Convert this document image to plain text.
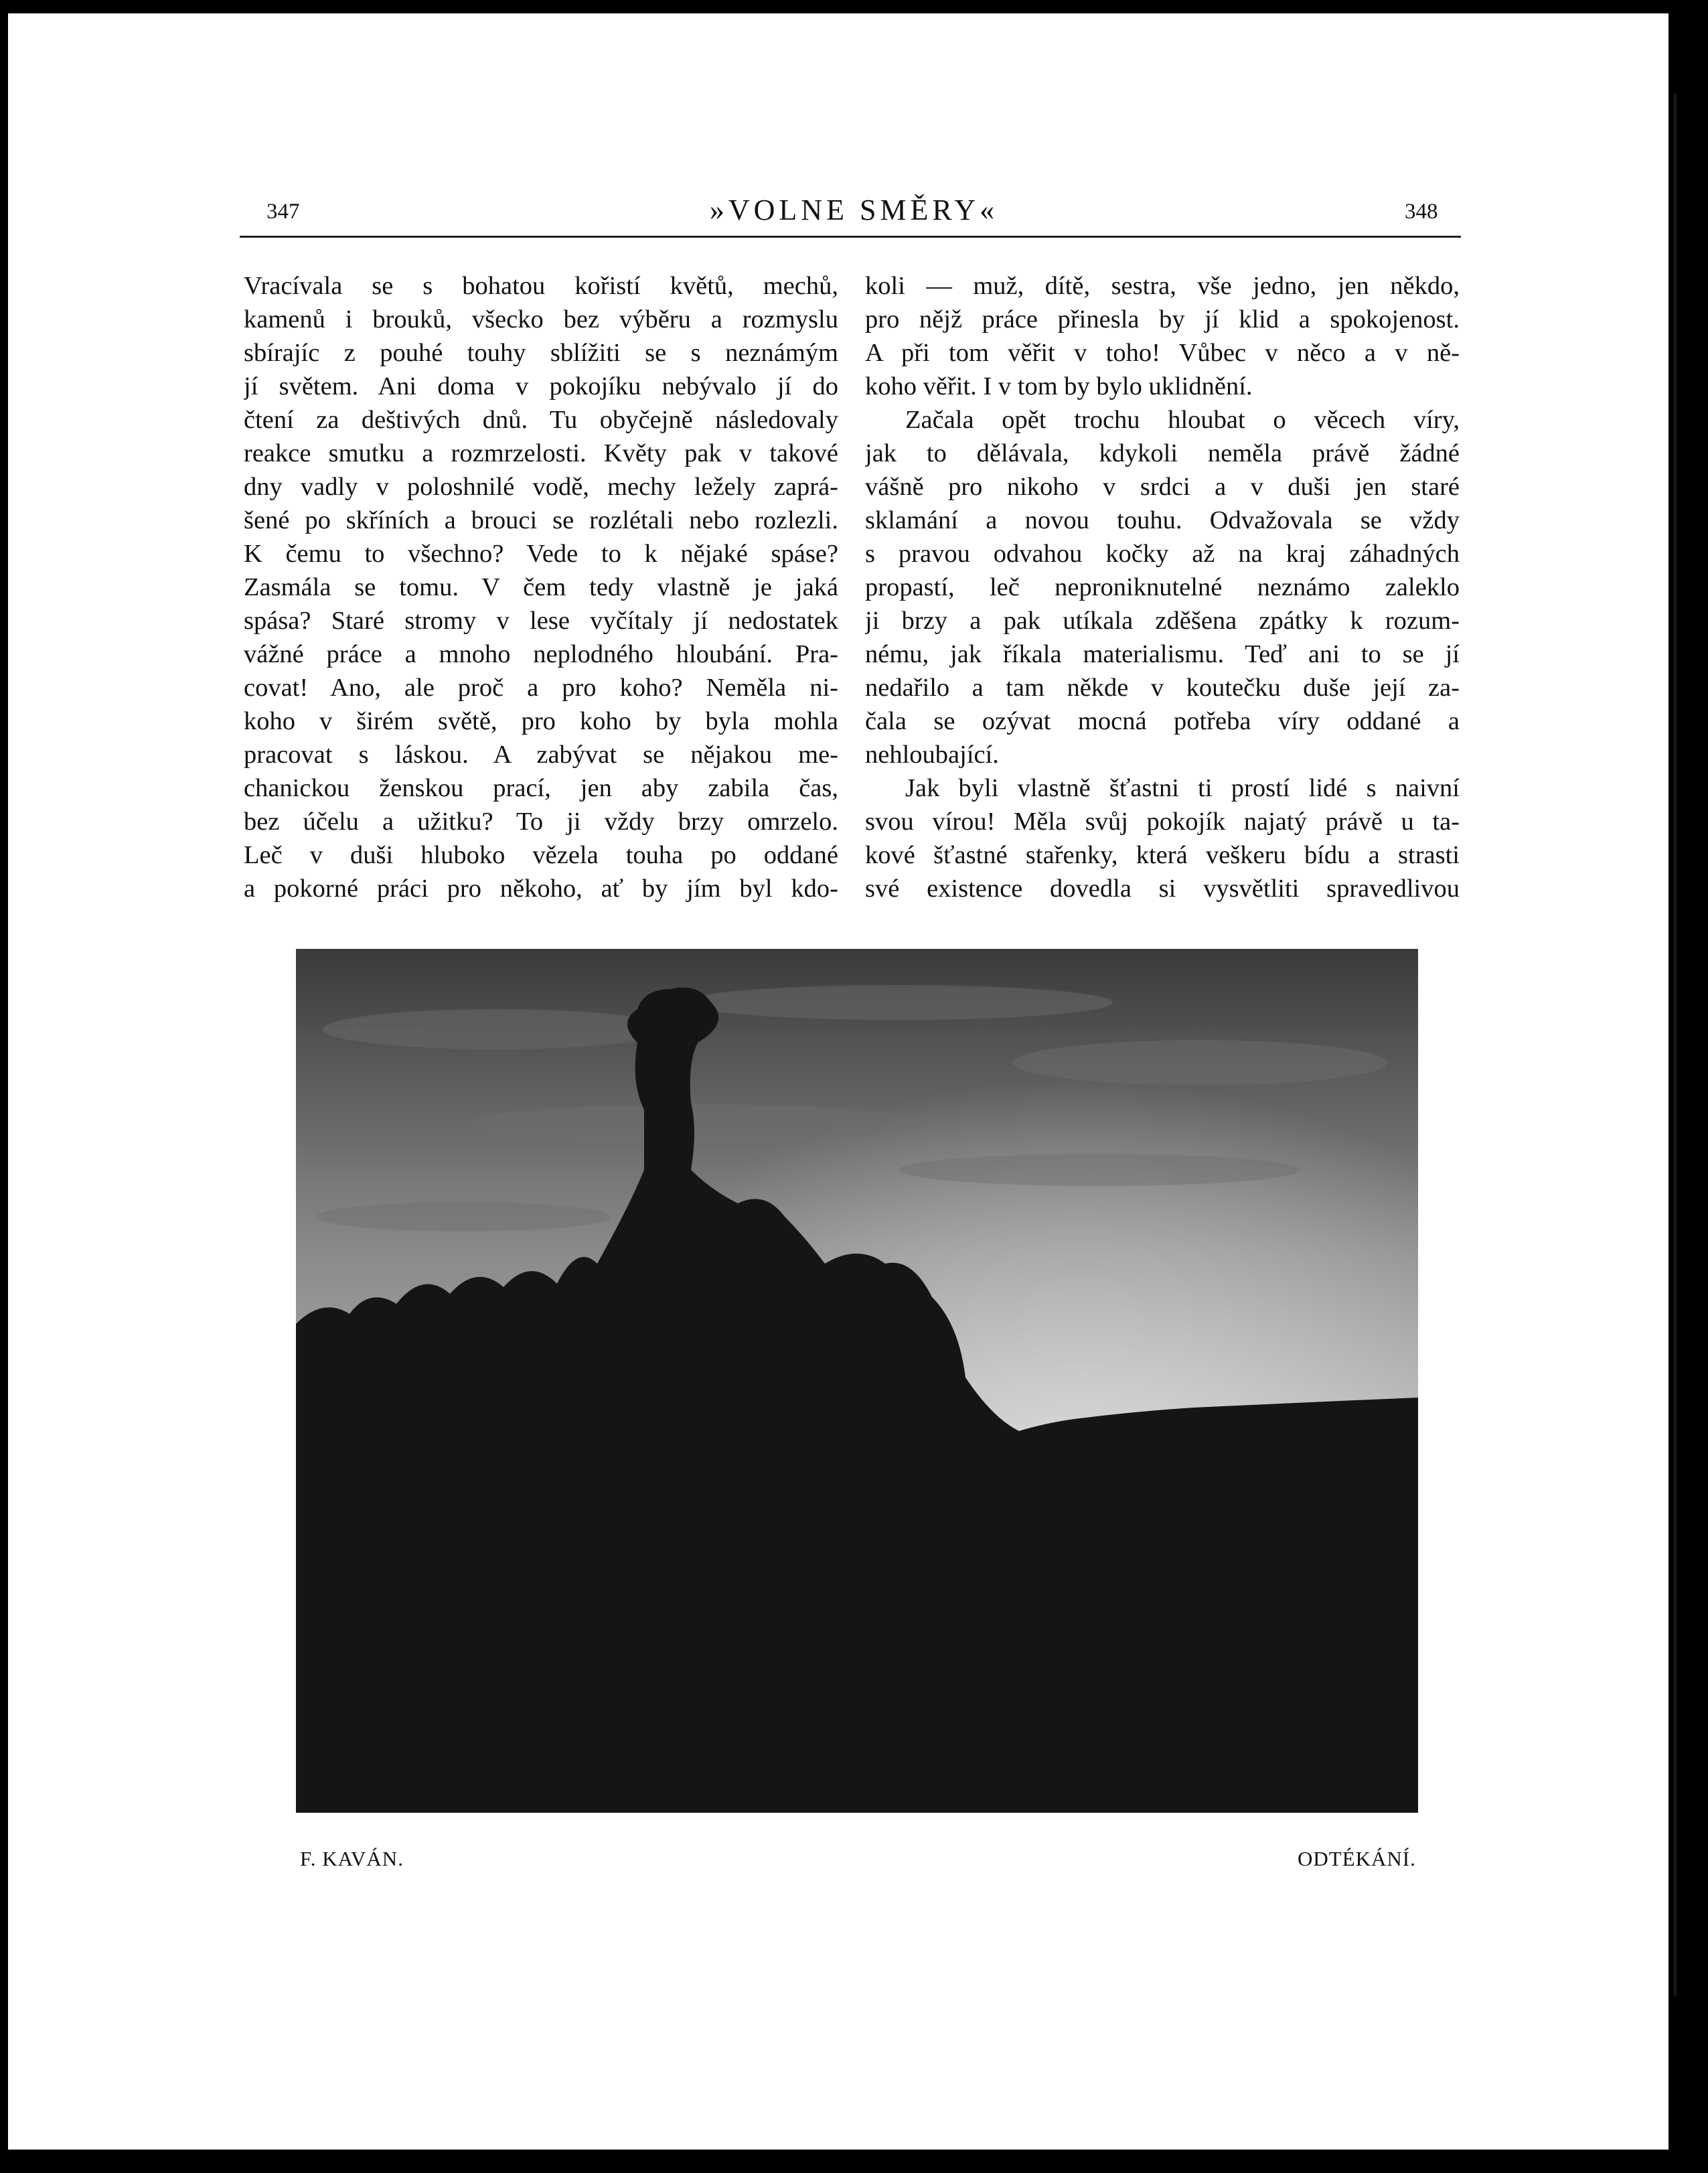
347	»VOLNE SMĚRY«	348
Vracívala se s bohatou kořistí květů, mechů,
kamenů i brouků, všecko bez výběru a rozmyslu
sbírajíc z pouhé touhy sblížiti se s neznámým
jí světem. Ani doma v pokojíku nebývalo jí do
čtení za deštivých dnů. Tu obyčejně následovaly
reakce smutku a rozmrzelosti. Květy pak v takové
dny vadly v poloshnilé vodě, mechy ležely zaprá-
šené po skříních a brouci se rozlétali nebo rozlezli.
K čemu to všechno? Vede to k nějaké spáse?
Zasmála se tomu. V čem tedy vlastně je jaká
spása? Staré stromy v lese vyčítaly jí nedostatek
vážné práce a mnoho neplodného hloubání. Pra-
covat! Ano, ale proč a pro koho? Neměla ni-
koho v širém světě, pro koho by byla mohla
pracovat s láskou. A zabývat se nějakou me-
chanickou ženskou prací, jen aby zabila čas,
bez účelu a užitku? To ji vždy brzy omrzelo.
Leč v duši hluboko vězela touha po oddané
a pokorné práci pro někoho, ať by jím byl kdo-
koli — muž, dítě, sestra, vše jedno, jen někdo,
pro nějž práce přinesla by jí klid a spokojenost.
A při tom věřit v toho! Vůbec v něco a v ně-
koho věřit. I v tom by bylo uklidnění.
Začala opět trochu hloubat o věcech víry,
jak to dělávala, kdykoli neměla právě žádné
vášně pro nikoho v srdci a v duši jen staré
sklamání a novou touhu. Odvažovala se vždy
s pravou odvahou kočky až na kraj záhadných
propastí, leč neproniknutelné neznámo zaleklo
ji brzy a pak utíkala zděšena zpátky k rozum-
nému, jak říkala materialismu. Teď ani to se jí
nedařilo a tam někde v koutečku duše její za-
čala se ozývat mocná potřeba víry oddané a
nehloubající.
Jak byli vlastně šťastni ti prostí lidé s naivní
svou vírou! Měla svůj pokojík najatý právě u ta-
kové šťastné stařenky, která veškeru bídu a strasti
své existence dovedla si vysvětliti spravedlivou
F. KAVÁN.	ODTÉKÁNÍ.
